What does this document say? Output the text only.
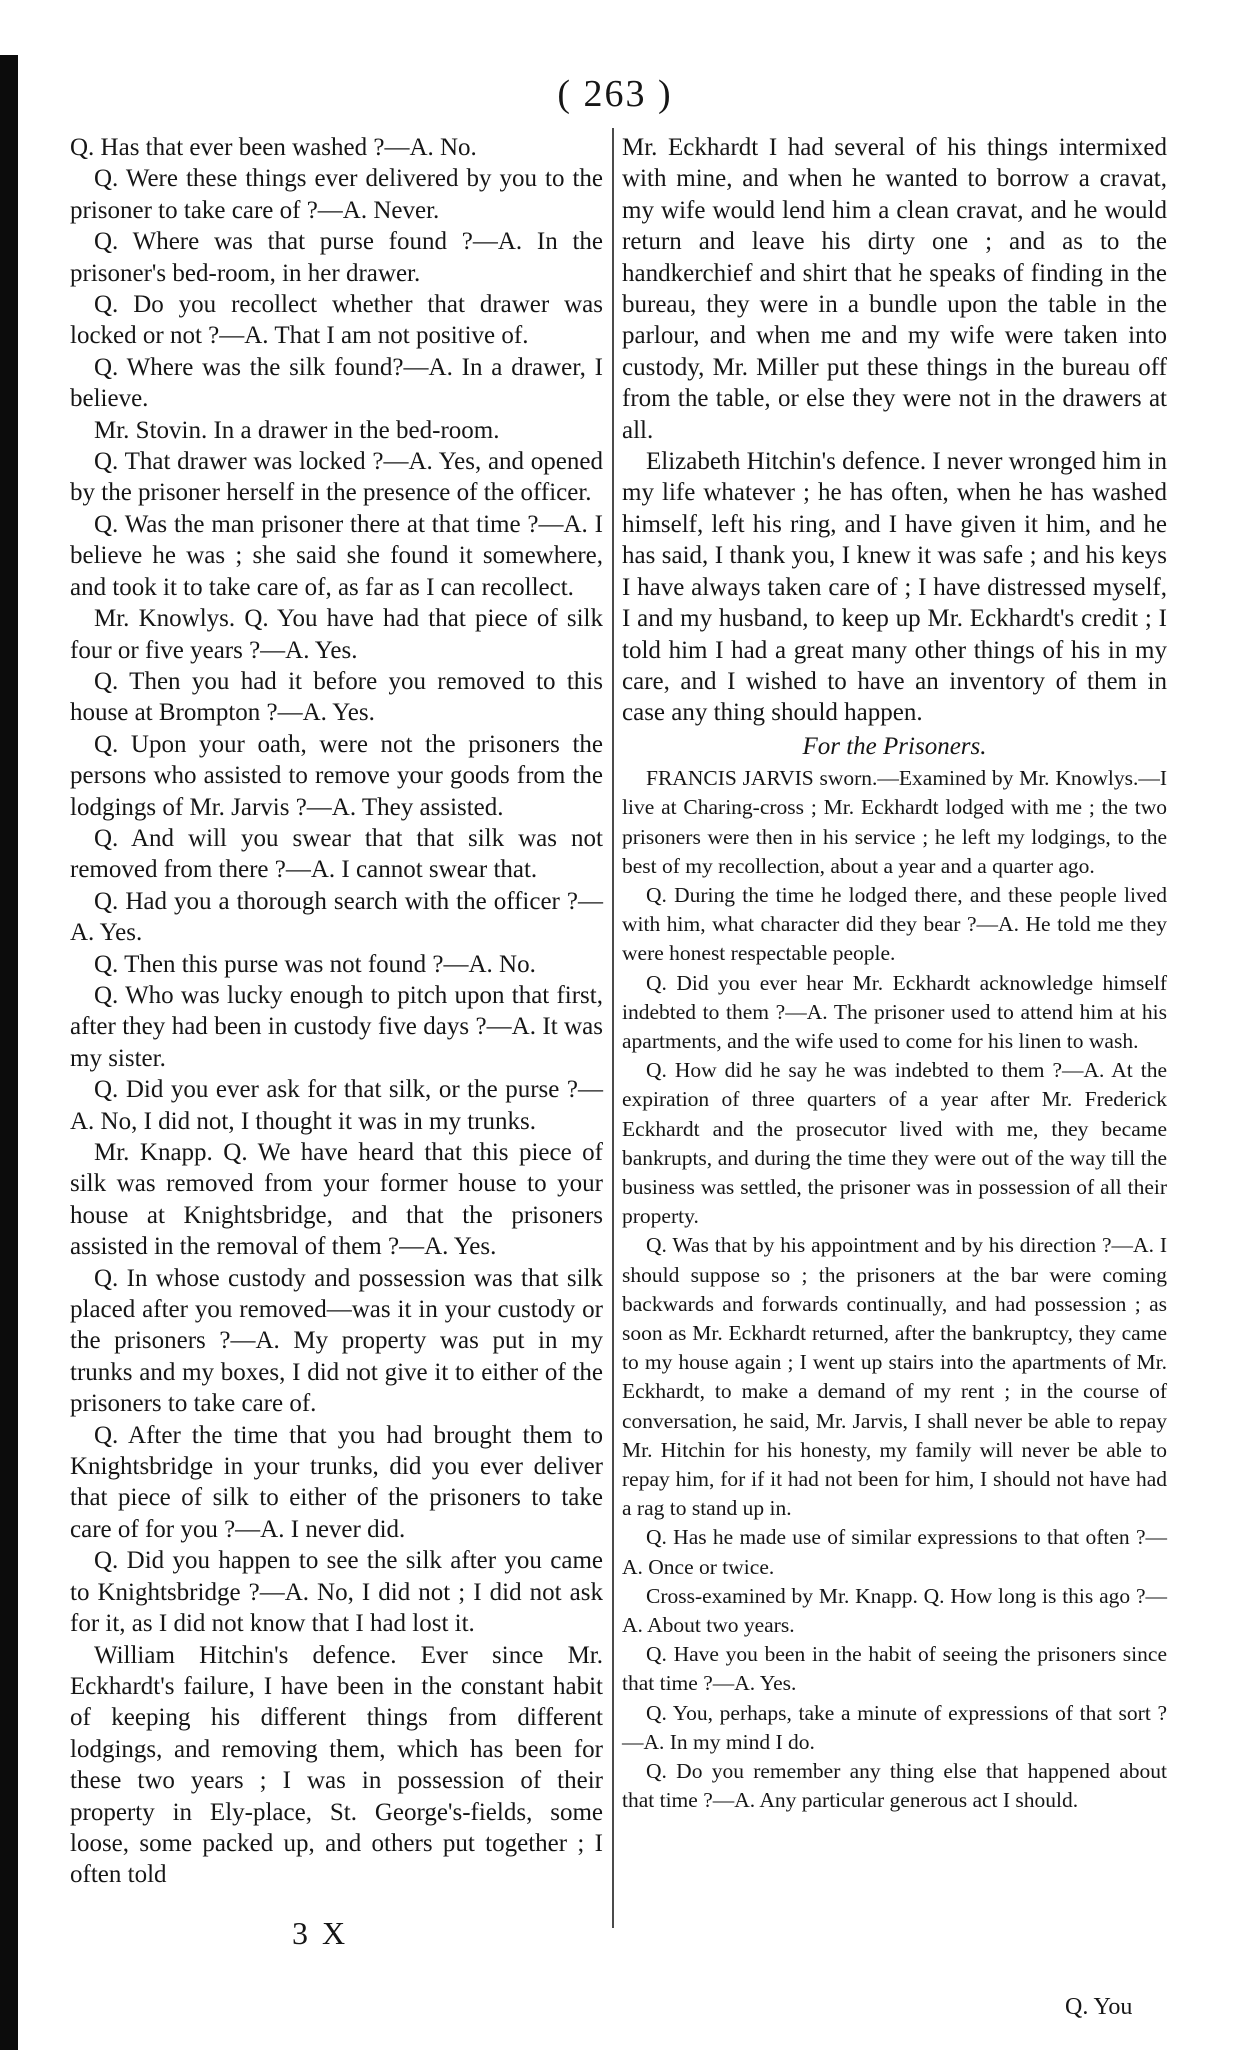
( 263 )

Q. Has that ever been washed ?—A. No.

Q. Were these things ever delivered by you to the prisoner to take care of ?—A. Never.

Q. Where was that purse found ?—A. In the prisoner's bed-room, in her drawer.

Q. Do you recollect whether that drawer was locked or not ?—A. That I am not positive of.

Q. Where was the silk found?—A. In a drawer, I believe.

Mr. Stovin. In a drawer in the bed-room.

Q. That drawer was locked ?—A. Yes, and opened by the prisoner herself in the presence of the officer.

Q. Was the man prisoner there at that time ?—A. I believe he was ; she said she found it somewhere, and took it to take care of, as far as I can recollect.

Mr. Knowlys. Q. You have had that piece of silk four or five years ?—A. Yes.

Q. Then you had it before you removed to this house at Brompton ?—A. Yes.

Q. Upon your oath, were not the prisoners the persons who assisted to remove your goods from the lodgings of Mr. Jarvis ?—A. They assisted.

Q. And will you swear that that silk was not removed from there ?—A. I cannot swear that.

Q. Had you a thorough search with the officer ?—A. Yes.

Q. Then this purse was not found ?—A. No.

Q. Who was lucky enough to pitch upon that first, after they had been in custody five days ?—A. It was my sister.

Q. Did you ever ask for that silk, or the purse ?—A. No, I did not, I thought it was in my trunks.

Mr. Knapp. Q. We have heard that this piece of silk was removed from your former house to your house at Knightsbridge, and that the prisoners assisted in the removal of them ?—A. Yes.

Q. In whose custody and possession was that silk placed after you removed—was it in your custody or the prisoners ?—A. My property was put in my trunks and my boxes, I did not give it to either of the prisoners to take care of.

Q. After the time that you had brought them to Knightsbridge in your trunks, did you ever deliver that piece of silk to either of the prisoners to take care of for you ?—A. I never did.

Q. Did you happen to see the silk after you came to Knightsbridge ?—A. No, I did not ; I did not ask for it, as I did not know that I had lost it.

William Hitchin's defence. Ever since Mr. Eckhardt's failure, I have been in the constant habit of keeping his different things from different lodgings, and removing them, which has been for these two years ; I was in possession of their property in Ely-place, St. George's-fields, some loose, some packed up, and others put together ; I often told

Mr. Eckhardt I had several of his things intermixed with mine, and when he wanted to borrow a cravat, my wife would lend him a clean cravat, and he would return and leave his dirty one ; and as to the handkerchief and shirt that he speaks of finding in the bureau, they were in a bundle upon the table in the parlour, and when me and my wife were taken into custody, Mr. Miller put these things in the bureau off from the table, or else they were not in the drawers at all.

Elizabeth Hitchin's defence. I never wronged him in my life whatever ; he has often, when he has washed himself, left his ring, and I have given it him, and he has said, I thank you, I knew it was safe ; and his keys I have always taken care of ; I have distressed myself, I and my husband, to keep up Mr. Eckhardt's credit ; I told him I had a great many other things of his in my care, and I wished to have an inventory of them in case any thing should happen.

For the Prisoners.

FRANCIS JARVIS sworn.—Examined by Mr. Knowlys.—I live at Charing-cross ; Mr. Eckhardt lodged with me ; the two prisoners were then in his service ; he left my lodgings, to the best of my recollection, about a year and a quarter ago.

Q. During the time he lodged there, and these people lived with him, what character did they bear ?—A. He told me they were honest respectable people.

Q. Did you ever hear Mr. Eckhardt acknowledge himself indebted to them ?—A. The prisoner used to attend him at his apartments, and the wife used to come for his linen to wash.

Q. How did he say he was indebted to them ?—A. At the expiration of three quarters of a year after Mr. Frederick Eckhardt and the prosecutor lived with me, they became bankrupts, and during the time they were out of the way till the business was settled, the prisoner was in possession of all their property.

Q. Was that by his appointment and by his direction ?—A. I should suppose so ; the prisoners at the bar were coming backwards and forwards continually, and had possession ; as soon as Mr. Eckhardt returned, after the bankruptcy, they came to my house again ; I went up stairs into the apartments of Mr. Eckhardt, to make a demand of my rent ; in the course of conversation, he said, Mr. Jarvis, I shall never be able to repay Mr. Hitchin for his honesty, my family will never be able to repay him, for if it had not been for him, I should not have had a rag to stand up in.

Q. Has he made use of similar expressions to that often ?—A. Once or twice.

Cross-examined by Mr. Knapp. Q. How long is this ago ?—A. About two years.

Q. Have you been in the habit of seeing the prisoners since that time ?—A. Yes.

Q. You, perhaps, take a minute of expressions of that sort ?—A. In my mind I do.

Q. Do you remember any thing else that happened about that time ?—A. Any particular generous act I should.

3 X
Q. You
